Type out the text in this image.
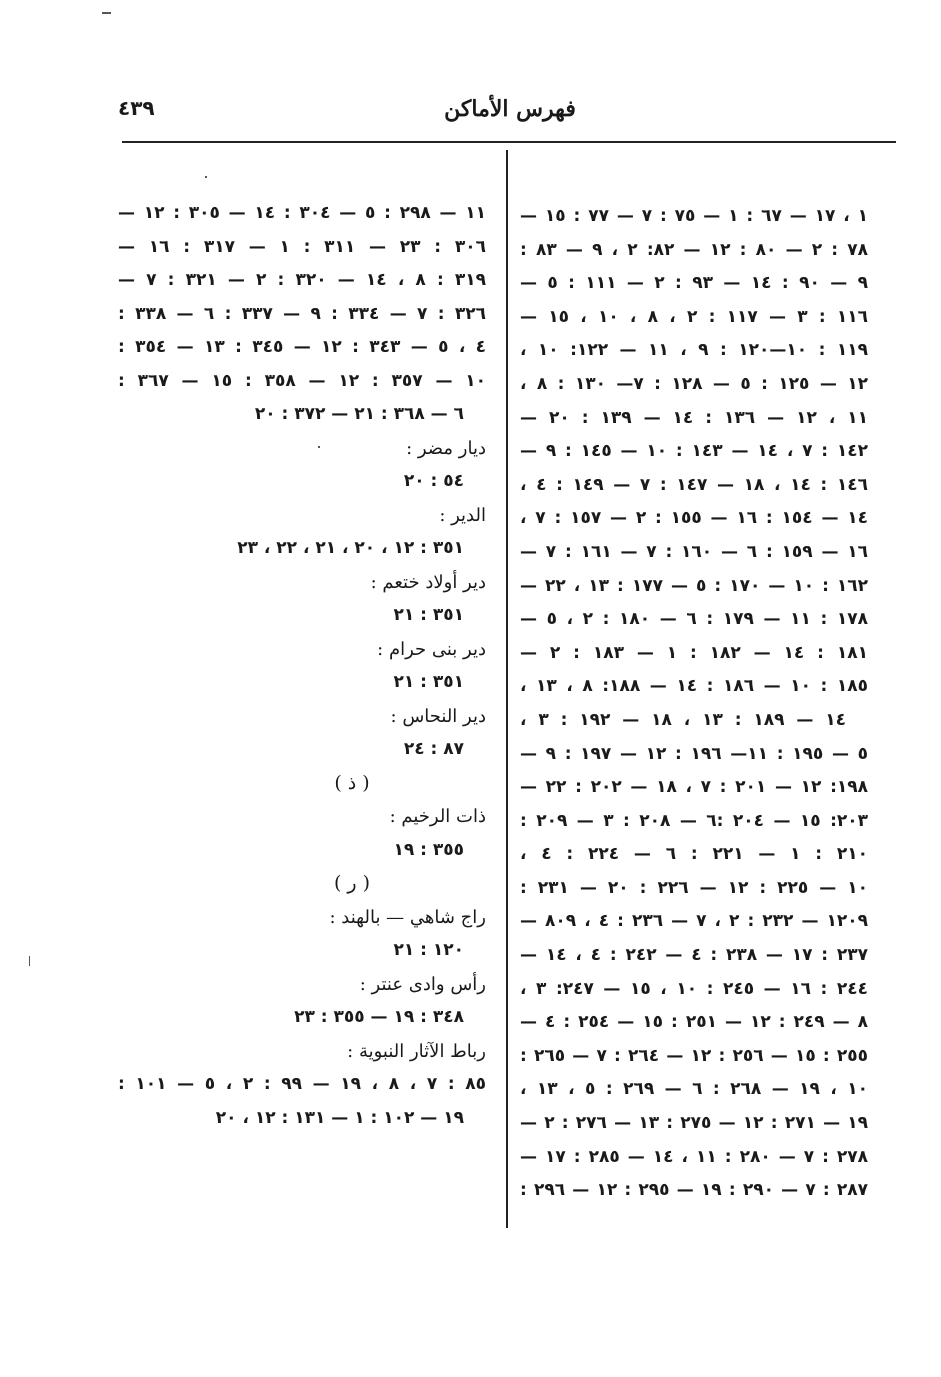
فهرس الأماكن
٤٣٩
١ ، ١٧ — ٦٧ : ١ — ٧٥ : ٧ — ٧٧ : ١٥ —
٧٨ : ٢ — ٨٠ : ١٢ — ٨٢: ٢ ، ٩ — ٨٣ :
٩ — ٩٠ : ١٤ — ٩٣ : ٢ — ١١١ : ٥ —
١١٦ : ٣ — ١١٧ : ٢ ، ٨ ، ١٠ ، ١٥ —
١١٩ : ١٠—١٢٠ : ٩ ، ١١ — ١٢٢: ١٠ ،
١٢ — ١٢٥ : ٥ — ١٢٨ : ٧— ١٣٠ : ٨ ،
١١ ، ١٢ — ١٣٦ : ١٤ — ١٣٩ : ٢٠ —
١٤٢ : ٧ ، ١٤ — ١٤٣ : ١٠ — ١٤٥ : ٩ —
١٤٦ : ١٤ ، ١٨ — ١٤٧ : ٧ — ١٤٩ : ٤ ،
١٤ — ١٥٤ : ١٦ — ١٥٥ : ٢ — ١٥٧ : ٧ ،
١٦ — ١٥٩ : ٦ — ١٦٠ : ٧ — ١٦١ : ٧ —
١٦٢ : ١٠ — ١٧٠ : ٥ — ١٧٧ : ١٣ ، ٢٢ —
١٧٨ : ١١ — ١٧٩ : ٦ — ١٨٠ : ٢ ، ٥ —
١٨١ : ١٤ — ١٨٢ : ١ — ١٨٣ : ٢ —
١٨٥ : ١٠ — ١٨٦ : ١٤ — ١٨٨: ٨ ، ١٣ ،
١٤ — ١٨٩ : ١٣ ، ١٨ — ١٩٢ : ٣ ،
٥ — ١٩٥ : ١١— ١٩٦ : ١٢ — ١٩٧ : ٩ —
١٩٨: ١٢ — ٢٠١ : ٧ ، ١٨ — ٢٠٢ : ٢٢ —
٢٠٣: ١٥ — ٢٠٤ :٦ — ٢٠٨ : ٣ — ٢٠٩ :
٢١٠ : ١ — ٢٢١ : ٦ — ٢٢٤ : ٤ ،
١٠ — ٢٢٥ : ١٢ — ٢٢٦ : ٢٠ — ٢٣١ :
١٢٠٩ — ٢٣٢ : ٢ ، ٧ — ٢٣٦ : ٤ ، ٨٠٩ —
٢٣٧ : ١٧ — ٢٣٨ : ٤ — ٢٤٢ : ٤ ، ١٤ —
٢٤٤ : ١٦ — ٢٤٥ : ١٠ ، ١٥ — ٢٤٧: ٣ ،
٨ — ٢٤٩ : ١٢ — ٢٥١ : ١٥ — ٢٥٤ : ٤ —
٢٥٥ : ١٥ — ٢٥٦ : ١٢ — ٢٦٤ : ٧ — ٢٦٥ :
١٠ ، ١٩ — ٢٦٨ : ٦ — ٢٦٩ : ٥ ، ١٣ ،
١٩ — ٢٧١ : ١٢ — ٢٧٥ : ١٣ — ٢٧٦ : ٢ —
٢٧٨ : ٧ — ٢٨٠ : ١١ ، ١٤ — ٢٨٥ : ١٧ —
٢٨٧ : ٧ — ٢٩٠ : ١٩ — ٢٩٥ : ١٢ — ٢٩٦ :
١١ — ٢٩٨ : ٥ — ٣٠٤ : ١٤ — ٣٠٥ : ١٢ —
٣٠٦ : ٢٣ — ٣١١ : ١ — ٣١٧ : ١٦ —
٣١٩ : ٨ ، ١٤ — ٣٢٠ : ٢ — ٣٢١ : ٧ —
٣٢٦ : ٧ — ٣٣٤ : ٩ — ٣٣٧ : ٦ — ٣٣٨ :
٤ ، ٥ — ٣٤٣ : ١٢ — ٣٤٥ : ١٣ — ٣٥٤ :
١٠ — ٣٥٧ : ١٢ — ٣٥٨ : ١٥ — ٣٦٧ :
٦ — ٣٦٨ : ٢١ — ٣٧٢ : ٢٠
ديار مضر :
٥٤ : ٢٠
الدير :
٣٥١ : ١٢ ، ٢٠ ، ٢١ ، ٢٢ ، ٢٣
دير أولاد ختعم :
٣٥١ : ٢١
دير بنى حرام :
٣٥١ : ٢١
دير النحاس :
٨٧ : ٢٤
( ذ )
ذات الرخيم :
٣٥٥ : ١٩
( ر )
راج شاهي — بالهند :
١٢٠ : ٢١
رأس وادى عنتر :
٣٤٨ : ١٩ — ٣٥٥ : ٢٣
رباط الآثار النبوية :
٨٥ : ٧ ، ٨ ، ١٩ — ٩٩ : ٢ ، ٥ — ١٠١ :
١٩ — ١٠٢ : ١ — ١٣١ : ١٢ ، ٢٠
